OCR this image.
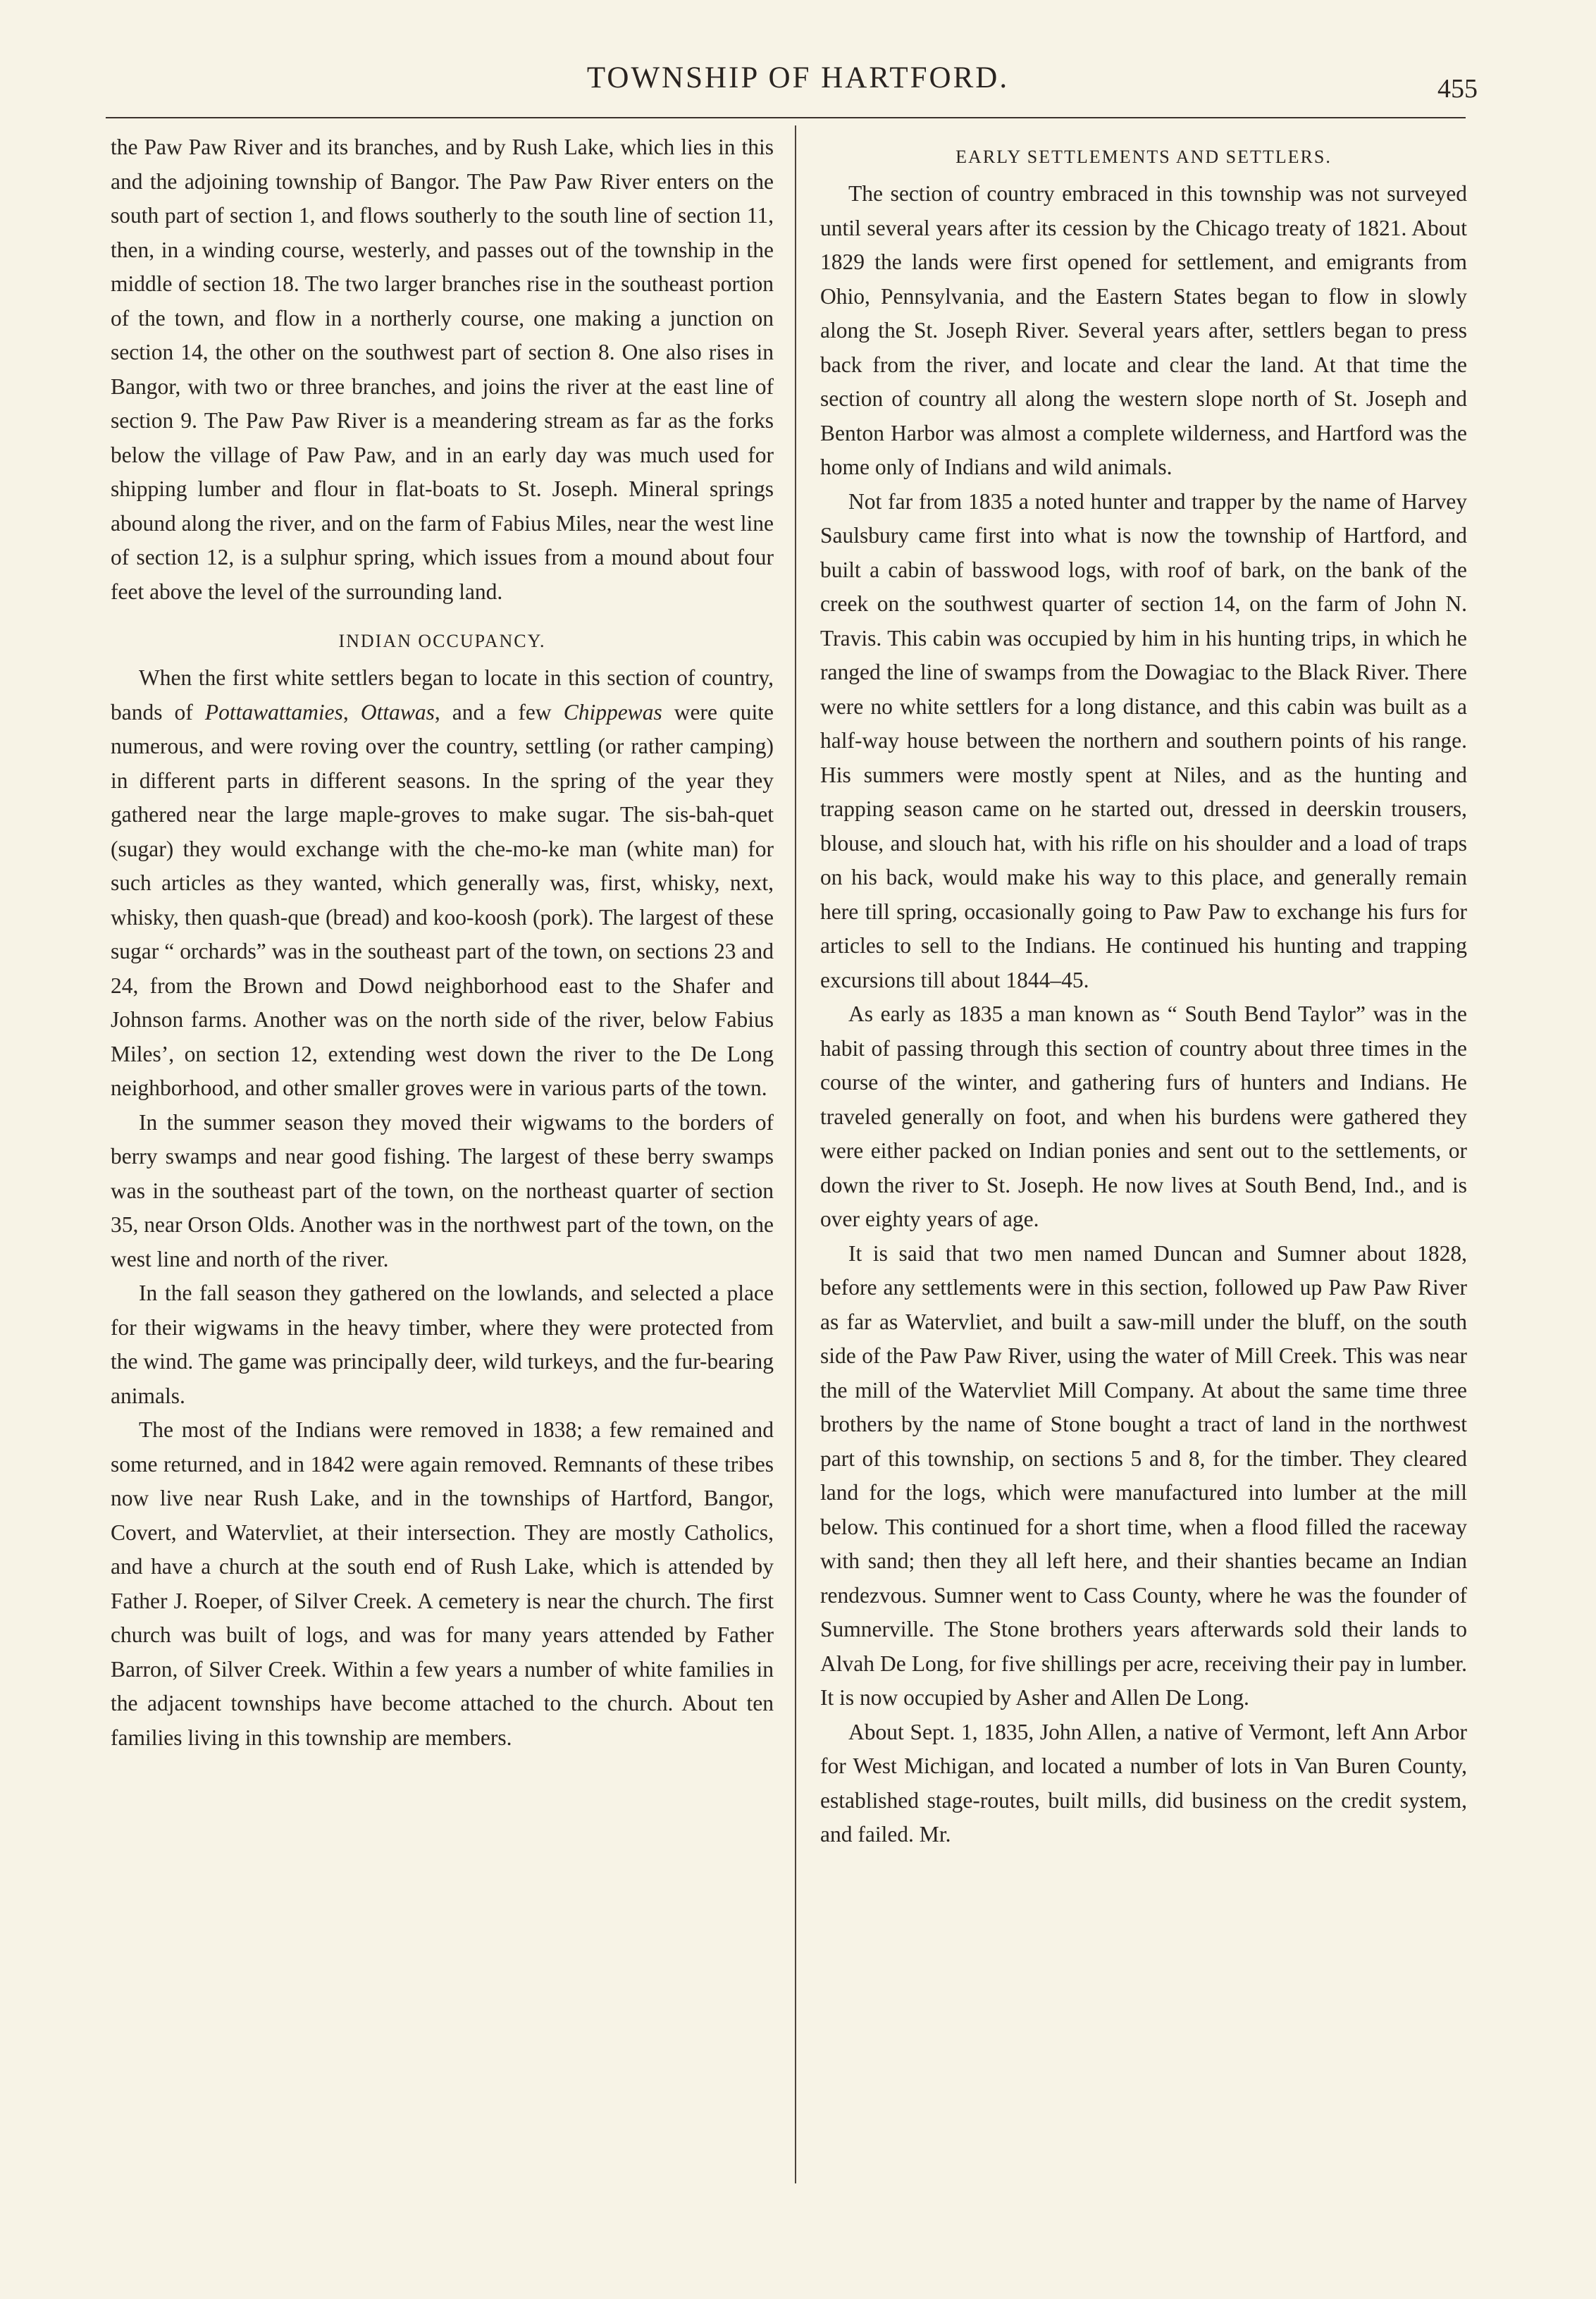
TOWNSHIP OF HARTFORD.	455

the Paw Paw River and its branches, and by Rush Lake, which lies in this and the adjoining township of Bangor. The Paw Paw River enters on the south part of section 1, and flows southerly to the south line of section 11, then, in a winding course, westerly, and passes out of the township in the middle of section 18. The two larger branches rise in the southeast portion of the town, and flow in a northerly course, one making a junction on section 14, the other on the southwest part of section 8. One also rises in Bangor, with two or three branches, and joins the river at the east line of section 9. The Paw Paw River is a meandering stream as far as the forks below the village of Paw Paw, and in an early day was much used for shipping lumber and flour in flat-boats to St. Joseph. Mineral springs abound along the river, and on the farm of Fabius Miles, near the west line of section 12, is a sulphur spring, which issues from a mound about four feet above the level of the surrounding land.

INDIAN OCCUPANCY.

When the first white settlers began to locate in this section of country, bands of Pottawattamies, Ottawas, and a few Chippewas were quite numerous, and were roving over the country, settling (or rather camping) in different parts in different seasons. In the spring of the year they gathered near the large maple-groves to make sugar. The sis-bah-quet (sugar) they would exchange with the che-mo-ke man (white man) for such articles as they wanted, which generally was, first, whisky, next, whisky, then quash-que (bread) and koo-koosh (pork). The largest of these sugar “ orchards” was in the southeast part of the town, on sections 23 and 24, from the Brown and Dowd neighborhood east to the Shafer and Johnson farms. Another was on the north side of the river, below Fabius Miles’, on section 12, extending west down the river to the De Long neighborhood, and other smaller groves were in various parts of the town.

In the summer season they moved their wigwams to the borders of berry swamps and near good fishing. The largest of these berry swamps was in the southeast part of the town, on the northeast quarter of section 35, near Orson Olds. Another was in the northwest part of the town, on the west line and north of the river.

In the fall season they gathered on the lowlands, and selected a place for their wigwams in the heavy timber, where they were protected from the wind. The game was principally deer, wild turkeys, and the fur-bearing animals.

The most of the Indians were removed in 1838; a few remained and some returned, and in 1842 were again removed. Remnants of these tribes now live near Rush Lake, and in the townships of Hartford, Bangor, Covert, and Watervliet, at their intersection. They are mostly Catholics, and have a church at the south end of Rush Lake, which is attended by Father J. Roeper, of Silver Creek. A cemetery is near the church. The first church was built of logs, and was for many years attended by Father Barron, of Silver Creek. Within a few years a number of white families in the adjacent townships have become attached to the church. About ten families living in this township are members.

EARLY SETTLEMENTS AND SETTLERS.

The section of country embraced in this township was not surveyed until several years after its cession by the Chicago treaty of 1821. About 1829 the lands were first opened for settlement, and emigrants from Ohio, Pennsylvania, and the Eastern States began to flow in slowly along the St. Joseph River. Several years after, settlers began to press back from the river, and locate and clear the land. At that time the section of country all along the western slope north of St. Joseph and Benton Harbor was almost a complete wilderness, and Hartford was the home only of Indians and wild animals.

Not far from 1835 a noted hunter and trapper by the name of Harvey Saulsbury came first into what is now the township of Hartford, and built a cabin of basswood logs, with roof of bark, on the bank of the creek on the southwest quarter of section 14, on the farm of John N. Travis. This cabin was occupied by him in his hunting trips, in which he ranged the line of swamps from the Dowagiac to the Black River. There were no white settlers for a long distance, and this cabin was built as a half-way house between the northern and southern points of his range. His summers were mostly spent at Niles, and as the hunting and trapping season came on he started out, dressed in deerskin trousers, blouse, and slouch hat, with his rifle on his shoulder and a load of traps on his back, would make his way to this place, and generally remain here till spring, occasionally going to Paw Paw to exchange his furs for articles to sell to the Indians. He continued his hunting and trapping excursions till about 1844–45.

As early as 1835 a man known as “ South Bend Taylor” was in the habit of passing through this section of country about three times in the course of the winter, and gathering furs of hunters and Indians. He traveled generally on foot, and when his burdens were gathered they were either packed on Indian ponies and sent out to the settlements, or down the river to St. Joseph. He now lives at South Bend, Ind., and is over eighty years of age.

It is said that two men named Duncan and Sumner about 1828, before any settlements were in this section, followed up Paw Paw River as far as Watervliet, and built a saw-mill under the bluff, on the south side of the Paw Paw River, using the water of Mill Creek. This was near the mill of the Watervliet Mill Company. At about the same time three brothers by the name of Stone bought a tract of land in the northwest part of this township, on sections 5 and 8, for the timber. They cleared land for the logs, which were manufactured into lumber at the mill below. This continued for a short time, when a flood filled the raceway with sand; then they all left here, and their shanties became an Indian rendezvous. Sumner went to Cass County, where he was the founder of Sumnerville. The Stone brothers years afterwards sold their lands to Alvah De Long, for five shillings per acre, receiving their pay in lumber. It is now occupied by Asher and Allen De Long.

About Sept. 1, 1835, John Allen, a native of Vermont, left Ann Arbor for West Michigan, and located a number of lots in Van Buren County, established stage-routes, built mills, did business on the credit system, and failed. Mr.
